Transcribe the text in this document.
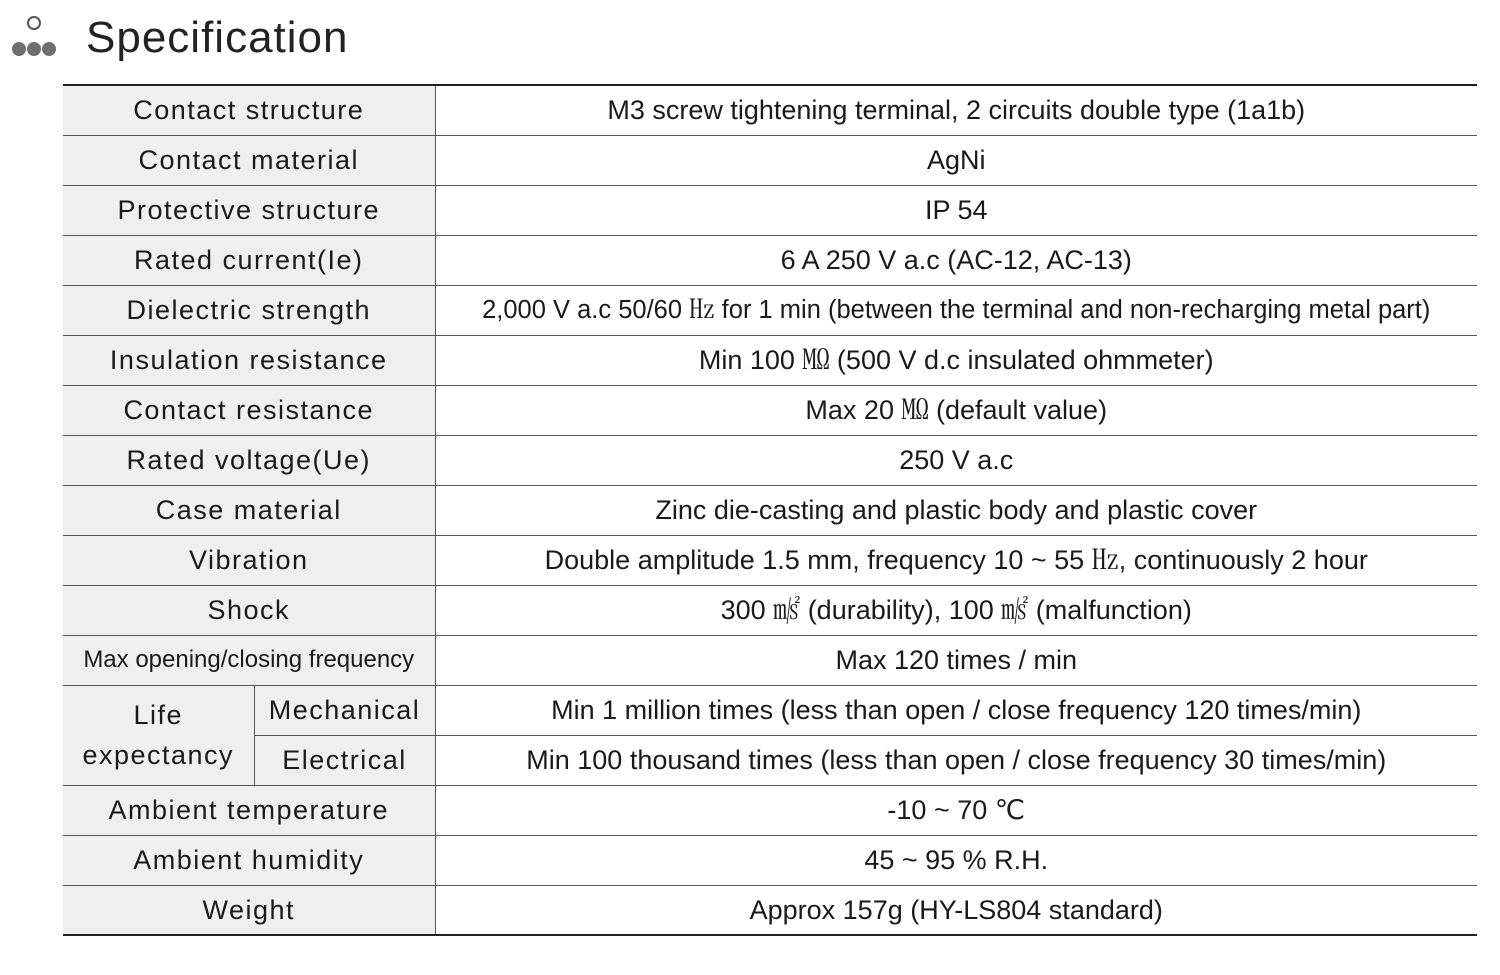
Specification
Contact structure		M3 screw tightening terminal, 2 circuits double type (1a1b)
Contact material		AgNi
Protective structure		IP 54
Rated current(Ie)		6 A 250 V a.c (AC-12, AC-13)
Dielectric strength		2,000 V a.c 50/60 ㎐ for 1 min (between the terminal and non-recharging metal part)
Insulation resistance		Min 100 ㏁ (500 V d.c insulated ohmmeter)
Contact resistance		Max 20 ㏁ (default value)
Rated voltage(Ue)		250 V a.c
Case material		Zinc die-casting and plastic body and plastic cover
Vibration		Double amplitude 1.5 mm, frequency 10 ~ 55 ㎐, continuously 2 hour
Shock		300 ㎨ (durability), 100 ㎨ (malfunction)
Max opening/closing frequency		Max 120 times / min

Life
expectancy	Mechanical	Min 1 million times (less than open / close frequency 120 times/min)
	Electrical	Min 100 thousand times (less than open / close frequency 30 times/min)
Ambient temperature		-10 ~ 70 ℃
Ambient humidity		45 ~ 95 % R.H.
Weight		Approx 157g (HY-LS804 standard)
